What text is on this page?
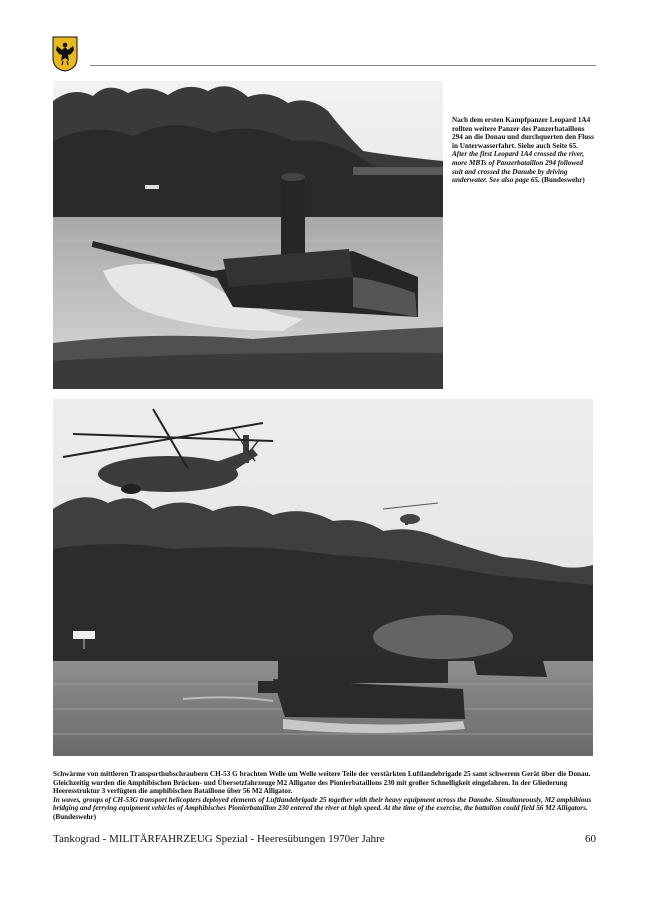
Nach dem ersten Kampfpanzer Leopard 1A4 rollten weitere Panzer des Panzerbataillons 294 an die Donau und durchquerten den Fluss in Unterwasserfahrt. Siehe auch Seite 65.
After the first Leopard 1A4 crossed the river, more MBTs of Panzerbataillon 294 followed suit and crossed the Danube by driving underwater. See also page 65. (Bundeswehr)
Schwärme von mittleren Transporthubschraubern CH-53 G brachten Welle um Welle weitere Teile der verstärkten Luftlandebrigade 25 samt schwerem Gerät über die Donau. Gleichzeitig wurden die Amphibischen Brücken- und Übersetzfahrzeuge M2 Alligator des Pionierbataillons 230 mit großer Schnelligkeit eingefahren. In der Gliederung Heeresstruktur 3 verfügten die amphibischen Bataillone über 56 M2 Alligator.
In waves, groups of CH-53G transport helicopters deployed elements of Luftlandebrigade 25 together with their heavy equipment across the Danube. Simultaneously, M2 amphibious bridging and ferrying equipment vehicles of Amphibisches Pionierbataillon 230 entered the river at high speed. At the time of the exercise, the battalion could field 56 M2 Alligators. (Bundeswehr)
Tankograd - MILITÄRFAHRZEUG Spezial - Heeresübungen 1970er Jahre	60
